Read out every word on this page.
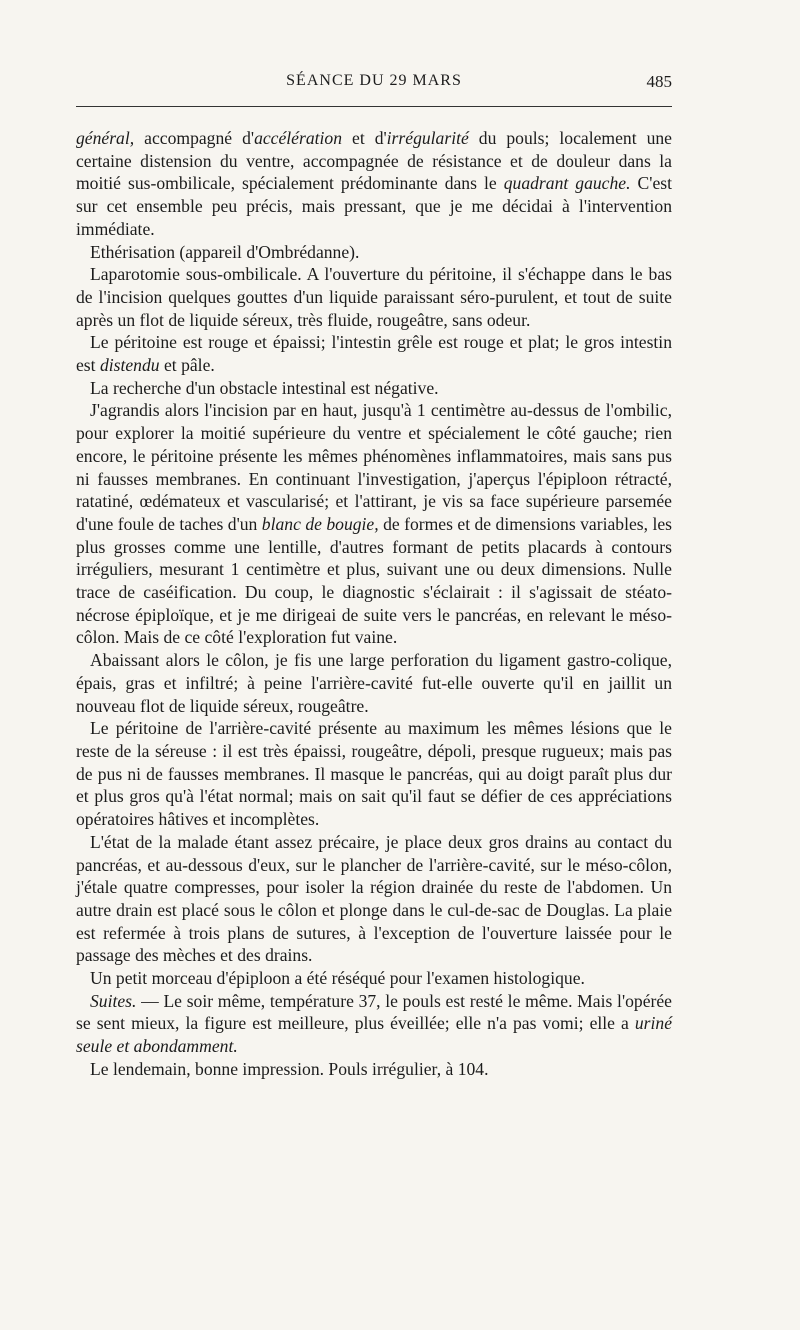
SÉANCE DU 29 MARS	485

général, accompagné d'accélération et d'irrégularité du pouls; localement une certaine distension du ventre, accompagnée de résistance et de douleur dans la moitié sus-ombilicale, spécialement prédominante dans le quadrant gauche. C'est sur cet ensemble peu précis, mais pressant, que je me décidai à l'intervention immédiate.

Ethérisation (appareil d'Ombrédanne).

Laparotomie sous-ombilicale. A l'ouverture du péritoine, il s'échappe dans le bas de l'incision quelques gouttes d'un liquide paraissant séro-purulent, et tout de suite après un flot de liquide séreux, très fluide, rougeâtre, sans odeur.

Le péritoine est rouge et épaissi; l'intestin grêle est rouge et plat; le gros intestin est distendu et pâle.

La recherche d'un obstacle intestinal est négative.

J'agrandis alors l'incision par en haut, jusqu'à 1 centimètre au-dessus de l'ombilic, pour explorer la moitié supérieure du ventre et spécialement le côté gauche; rien encore, le péritoine présente les mêmes phénomènes inflammatoires, mais sans pus ni fausses membranes. En continuant l'investigation, j'aperçus l'épiploon rétracté, ratatiné, œdémateux et vascularisé; et l'attirant, je vis sa face supérieure parsemée d'une foule de taches d'un blanc de bougie, de formes et de dimensions variables, les plus grosses comme une lentille, d'autres formant de petits placards à contours irréguliers, mesurant 1 centimètre et plus, suivant une ou deux dimensions. Nulle trace de caséification. Du coup, le diagnostic s'éclairait : il s'agissait de stéato-nécrose épiploïque, et je me dirigeai de suite vers le pancréas, en relevant le méso-côlon. Mais de ce côté l'exploration fut vaine.

Abaissant alors le côlon, je fis une large perforation du ligament gastro-colique, épais, gras et infiltré; à peine l'arrière-cavité fut-elle ouverte qu'il en jaillit un nouveau flot de liquide séreux, rougeâtre.

Le péritoine de l'arrière-cavité présente au maximum les mêmes lésions que le reste de la séreuse : il est très épaissi, rougeâtre, dépoli, presque rugueux; mais pas de pus ni de fausses membranes. Il masque le pancréas, qui au doigt paraît plus dur et plus gros qu'à l'état normal; mais on sait qu'il faut se défier de ces appréciations opératoires hâtives et incomplètes.

L'état de la malade étant assez précaire, je place deux gros drains au contact du pancréas, et au-dessous d'eux, sur le plancher de l'arrière-cavité, sur le méso-côlon, j'étale quatre compresses, pour isoler la région drainée du reste de l'abdomen. Un autre drain est placé sous le côlon et plonge dans le cul-de-sac de Douglas. La plaie est refermée à trois plans de sutures, à l'exception de l'ouverture laissée pour le passage des mèches et des drains.

Un petit morceau d'épiploon a été réséqué pour l'examen histologique.

Suites. — Le soir même, température 37, le pouls est resté le même. Mais l'opérée se sent mieux, la figure est meilleure, plus éveillée; elle n'a pas vomi; elle a uriné seule et abondamment.

Le lendemain, bonne impression. Pouls irrégulier, à 104.
